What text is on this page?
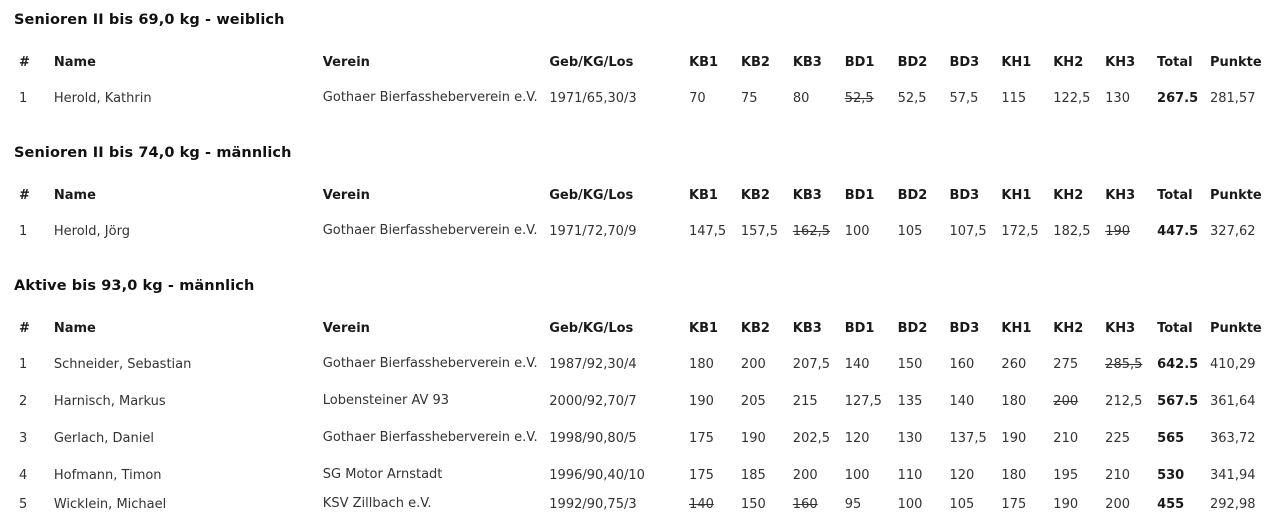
Senioren II bis 69,0 kg - weiblich
#	Name	Verein	Geb/KG/Los	KB1	KB2	KB3	BD1	BD2	BD3	KH1	KH2	KH3	Total	Punkte
1	Herold, Kathrin	Gothaer Bierfassheberverein e.V.	1971/65,30/3	70	75	80	52,5	52,5	57,5	115	122,5	130	267.5	281,57
Senioren II bis 74,0 kg - männlich
#	Name	Verein	Geb/KG/Los	KB1	KB2	KB3	BD1	BD2	BD3	KH1	KH2	KH3	Total	Punkte
1	Herold, Jörg	Gothaer Bierfassheberverein e.V.	1971/72,70/9	147,5	157,5	162,5	100	105	107,5	172,5	182,5	190	447.5	327,62
Aktive bis 93,0 kg - männlich
#	Name	Verein	Geb/KG/Los	KB1	KB2	KB3	BD1	BD2	BD3	KH1	KH2	KH3	Total	Punkte
1	Schneider, Sebastian	Gothaer Bierfassheberverein e.V.	1987/92,30/4	180	200	207,5	140	150	160	260	275	285,5	642.5	410,29
2	Harnisch, Markus	Lobensteiner AV 93	2000/92,70/7	190	205	215	127,5	135	140	180	200	212,5	567.5	361,64
3	Gerlach, Daniel	Gothaer Bierfassheberverein e.V.	1998/90,80/5	175	190	202,5	120	130	137,5	190	210	225	565	363,72
4	Hofmann, Timon	SG Motor Arnstadt	1996/90,40/10	175	185	200	100	110	120	180	195	210	530	341,94
5	Wicklein, Michael	KSV Zillbach e.V.	1992/90,75/3	140	150	160	95	100	105	175	190	200	455	292,98
